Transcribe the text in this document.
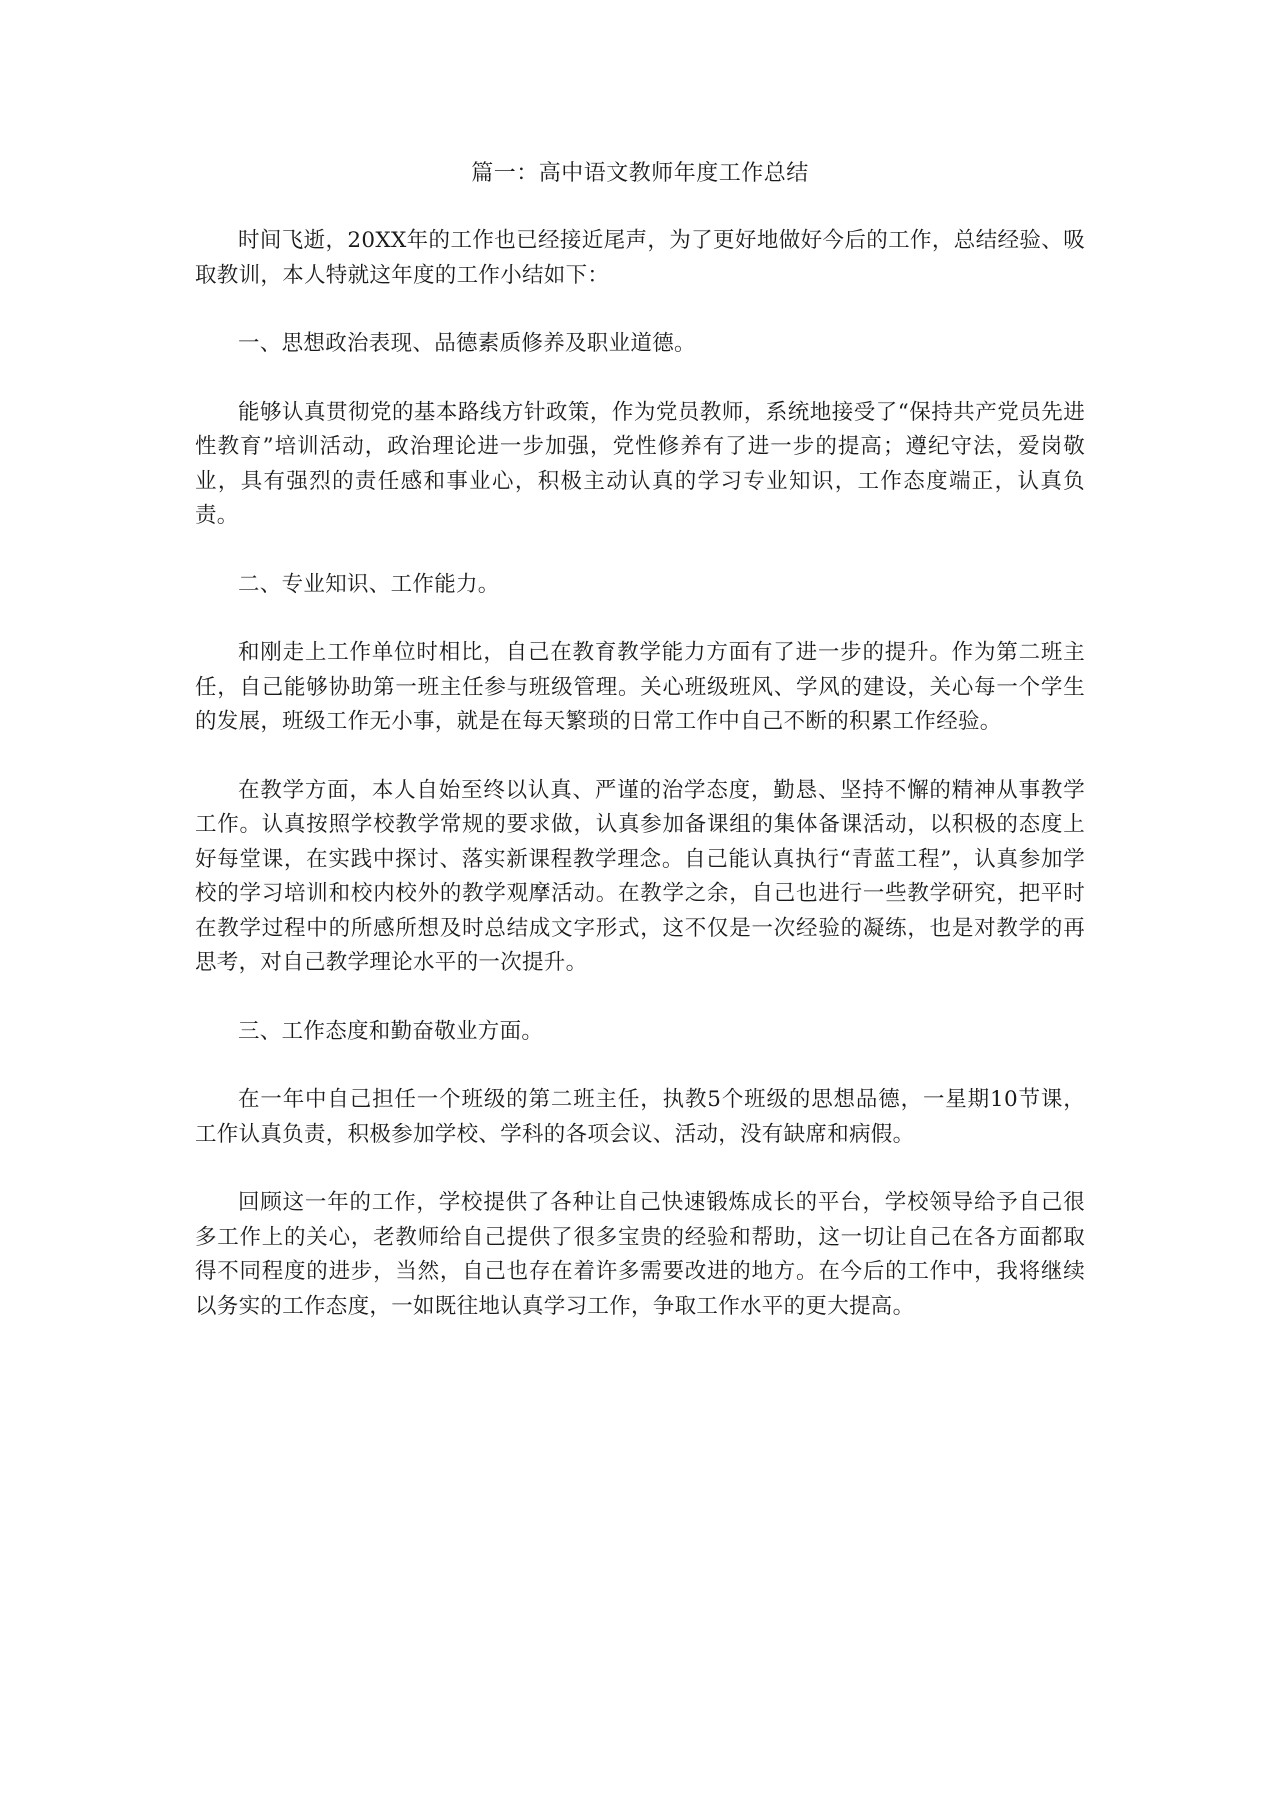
篇一：高中语文教师年度工作总结

时间飞逝，20XX年的工作也已经接近尾声，为了更好地做好今后的工作，总结经验、吸取教训，本人特就这年度的工作小结如下：

一、思想政治表现、品德素质修养及职业道德。

能够认真贯彻党的基本路线方针政策，作为党员教师，系统地接受了“保持共产党员先进性教育”培训活动，政治理论进一步加强，党性修养有了进一步的提高；遵纪守法，爱岗敬业，具有强烈的责任感和事业心，积极主动认真的学习专业知识，工作态度端正，认真负责。

二、专业知识、工作能力。

和刚走上工作单位时相比，自己在教育教学能力方面有了进一步的提升。作为第二班主任，自己能够协助第一班主任参与班级管理。关心班级班风、学风的建设，关心每一个学生的发展，班级工作无小事，就是在每天繁琐的日常工作中自己不断的积累工作经验。

在教学方面，本人自始至终以认真、严谨的治学态度，勤恳、坚持不懈的精神从事教学工作。认真按照学校教学常规的要求做，认真参加备课组的集体备课活动，以积极的态度上好每堂课，在实践中探讨、落实新课程教学理念。自己能认真执行“青蓝工程”，认真参加学校的学习培训和校内校外的教学观摩活动。在教学之余，自己也进行一些教学研究，把平时在教学过程中的所感所想及时总结成文字形式，这不仅是一次经验的凝练，也是对教学的再思考，对自己教学理论水平的一次提升。

三、工作态度和勤奋敬业方面。

在一年中自己担任一个班级的第二班主任，执教5个班级的思想品德，一星期10节课，工作认真负责，积极参加学校、学科的各项会议、活动，没有缺席和病假。

回顾这一年的工作，学校提供了各种让自己快速锻炼成长的平台，学校领导给予自己很多工作上的关心，老教师给自己提供了很多宝贵的经验和帮助，这一切让自己在各方面都取得不同程度的进步，当然，自己也存在着许多需要改进的地方。在今后的工作中，我将继续以务实的工作态度，一如既往地认真学习工作，争取工作水平的更大提高。
